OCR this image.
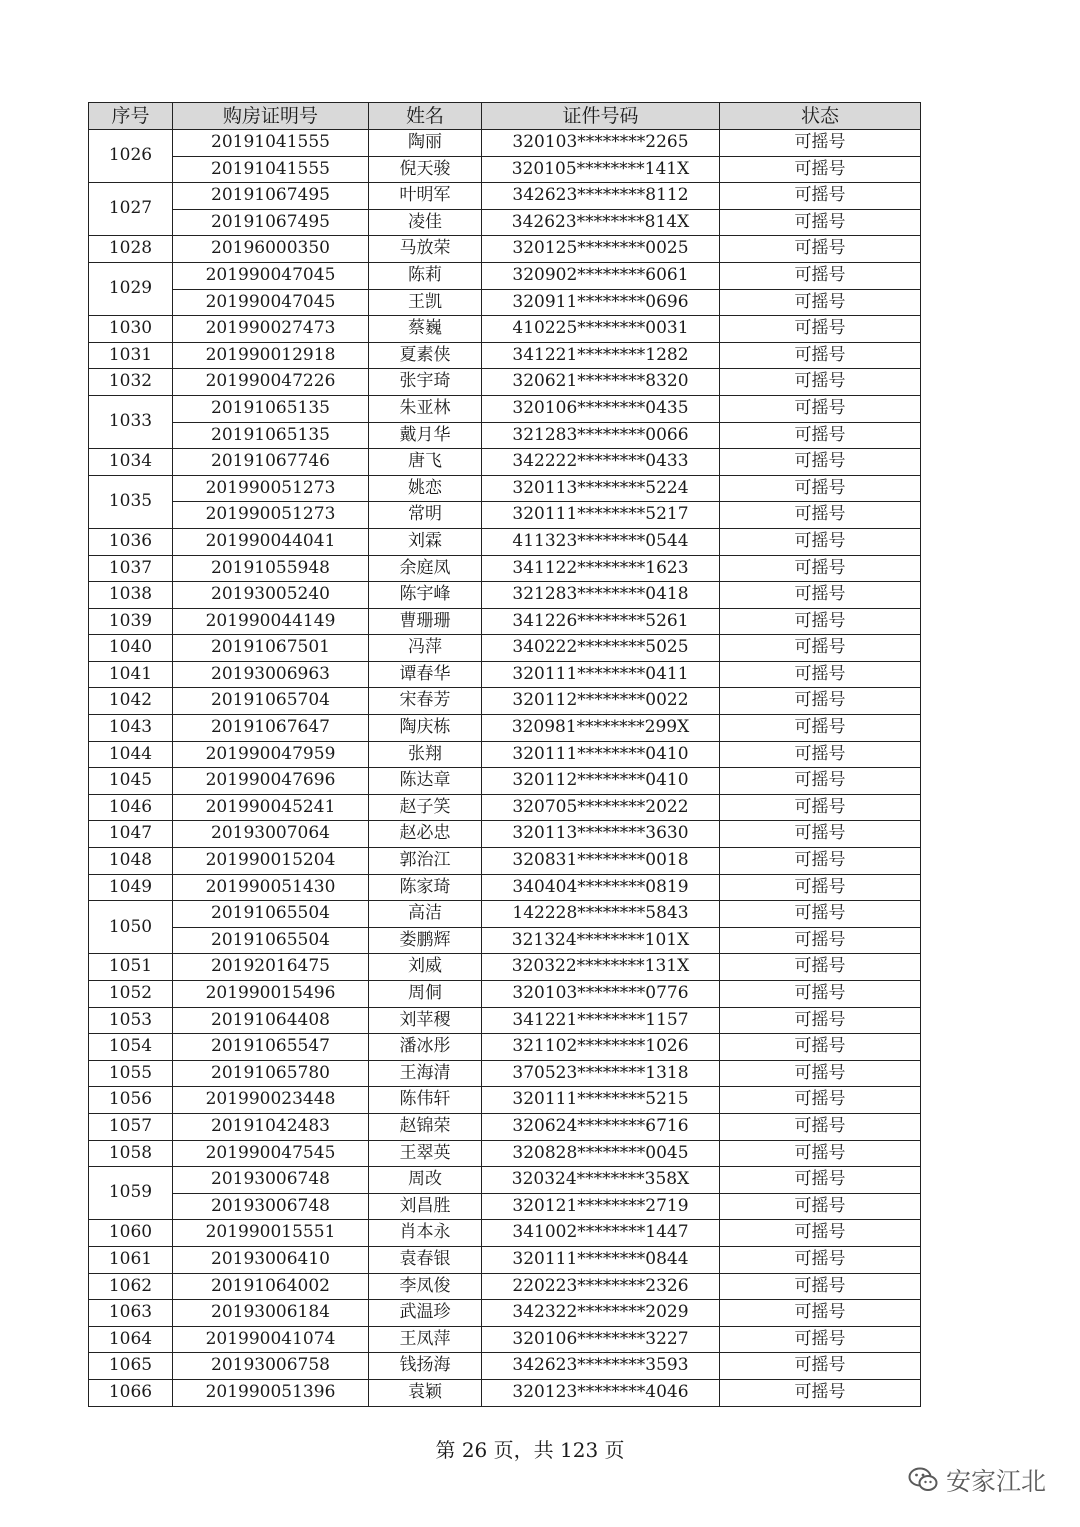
序号	购房证明号	姓名	证件号码	状态
1026	20191041555	陶丽	320103********2265	可摇号
	20191041555	倪天骏	320105********141X	可摇号
1027	20191067495	叶明军	342623********8112	可摇号
	20191067495	凌佳	342623********814X	可摇号
1028	20196000350	马放荣	320125********0025	可摇号
1029	201990047045	陈莉	320902********6061	可摇号
	201990047045	王凯	320911********0696	可摇号
1030	201990027473	蔡巍	410225********0031	可摇号
1031	201990012918	夏素侠	341221********1282	可摇号
1032	201990047226	张宇琦	320621********8320	可摇号
1033	20191065135	朱亚林	320106********0435	可摇号
	20191065135	戴月华	321283********0066	可摇号
1034	20191067746	唐飞	342222********0433	可摇号
1035	201990051273	姚恋	320113********5224	可摇号
	201990051273	常明	320111********5217	可摇号
1036	201990044041	刘霖	411323********0544	可摇号
1037	20191055948	余庭凤	341122********1623	可摇号
1038	20193005240	陈宇峰	321283********0418	可摇号
1039	201990044149	曹珊珊	341226********5261	可摇号
1040	20191067501	冯萍	340222********5025	可摇号
1041	20193006963	谭春华	320111********0411	可摇号
1042	20191065704	宋春芳	320112********0022	可摇号
1043	20191067647	陶庆栋	320981********299X	可摇号
1044	201990047959	张翔	320111********0410	可摇号
1045	201990047696	陈达章	320112********0410	可摇号
1046	201990045241	赵子笑	320705********2022	可摇号
1047	20193007064	赵必忠	320113********3630	可摇号
1048	201990015204	郭治江	320831********0018	可摇号
1049	201990051430	陈家琦	340404********0819	可摇号
1050	20191065504	高洁	142228********5843	可摇号
	20191065504	娄鹏辉	321324********101X	可摇号
1051	20192016475	刘威	320322********131X	可摇号
1052	201990015496	周侗	320103********0776	可摇号
1053	20191064408	刘苹稷	341221********1157	可摇号
1054	20191065547	潘冰彤	321102********1026	可摇号
1055	20191065780	王海清	370523********1318	可摇号
1056	201990023448	陈伟轩	320111********5215	可摇号
1057	20191042483	赵锦荣	320624********6716	可摇号
1058	201990047545	王翠英	320828********0045	可摇号
1059	20193006748	周改	320324********358X	可摇号
	20193006748	刘昌胜	320121********2719	可摇号
1060	201990015551	肖本永	341002********1447	可摇号
1061	20193006410	袁春银	320111********0844	可摇号
1062	20191064002	李凤俊	220223********2326	可摇号
1063	20193006184	武温珍	342322********2029	可摇号
1064	201990041074	王凤萍	320106********3227	可摇号
1065	20193006758	钱扬海	342623********3593	可摇号
1066	201990051396	袁颖	320123********4046	可摇号
第 26 页，共 123 页
安家江北
